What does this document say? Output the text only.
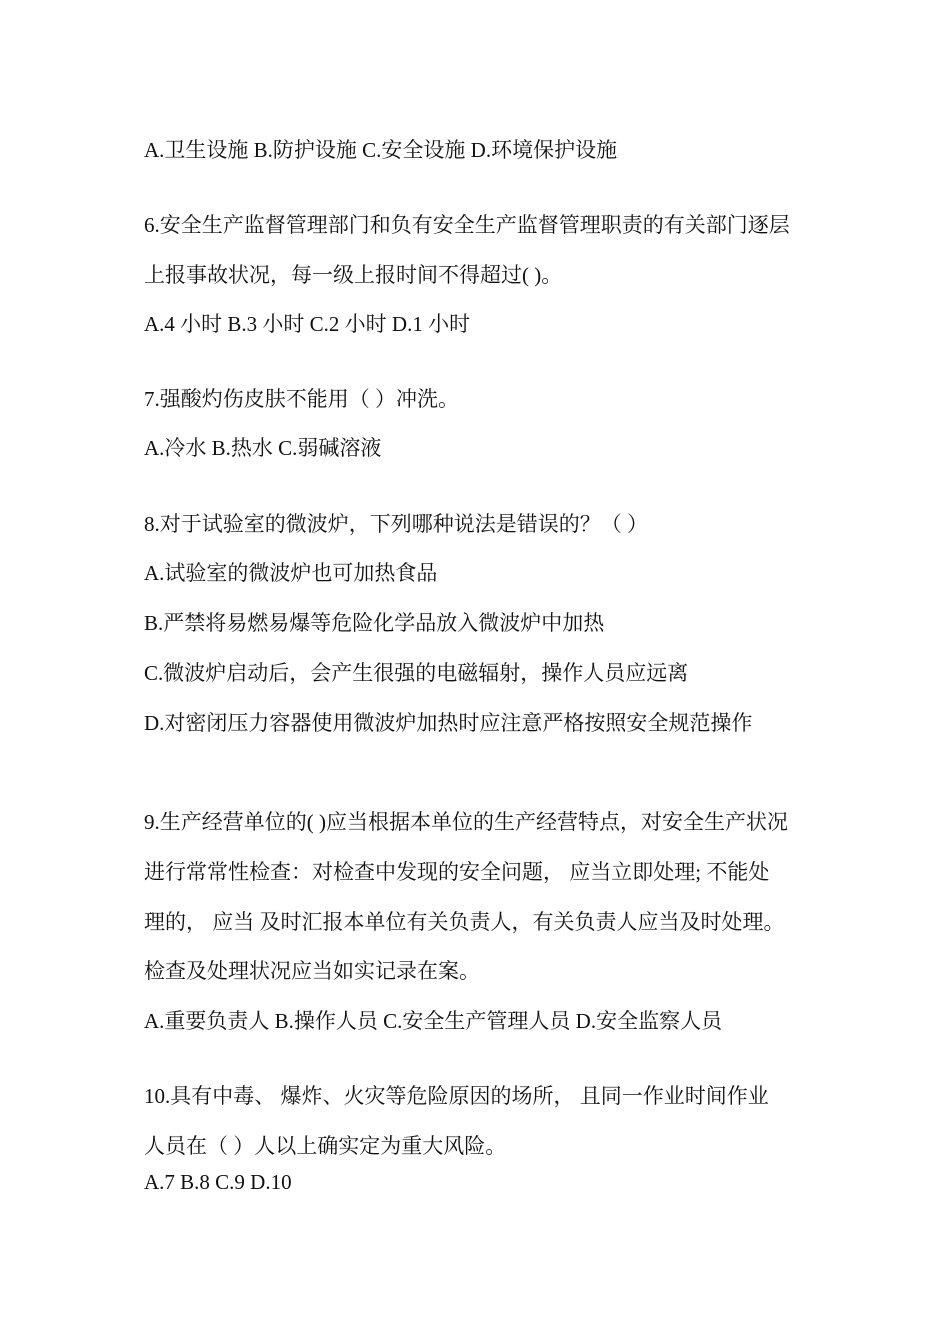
A.卫生设施 B.防护设施 C.安全设施 D.环境保护设施
6.安全生产监督管理部门和负有安全生产监督管理职责的有关部门逐层
上报事故状况，每一级上报时间不得超过( )。
A.4 小时 B.3 小时 C.2 小时 D.1 小时
7.强酸灼伤皮肤不能用（ ）冲洗。
A.冷水 B.热水 C.弱碱溶液
8.对于试验室的微波炉，下列哪种说法是错误的？（ ）
A.试验室的微波炉也可加热食品
B.严禁将易燃易爆等危险化学品放入微波炉中加热
C.微波炉启动后，会产生很强的电磁辐射，操作人员应远离
D.对密闭压力容器使用微波炉加热时应注意严格按照安全规范操作
9.生产经营单位的( )应当根据本单位的生产经营特点，对安全生产状况
进行常常性检查：对检查中发现的安全问题， 应当立即处理; 不能处
理的， 应当 及时汇报本单位有关负责人，有关负责人应当及时处理。
检查及处理状况应当如实记录在案。
A.重要负责人 B.操作人员 C.安全生产管理人员 D.安全监察人员
10.具有中毒、 爆炸、火灾等危险原因的场所， 且同一作业时间作业
人员在（ ）人以上确实定为重大风险。
A.7 B.8 C.9 D.10
